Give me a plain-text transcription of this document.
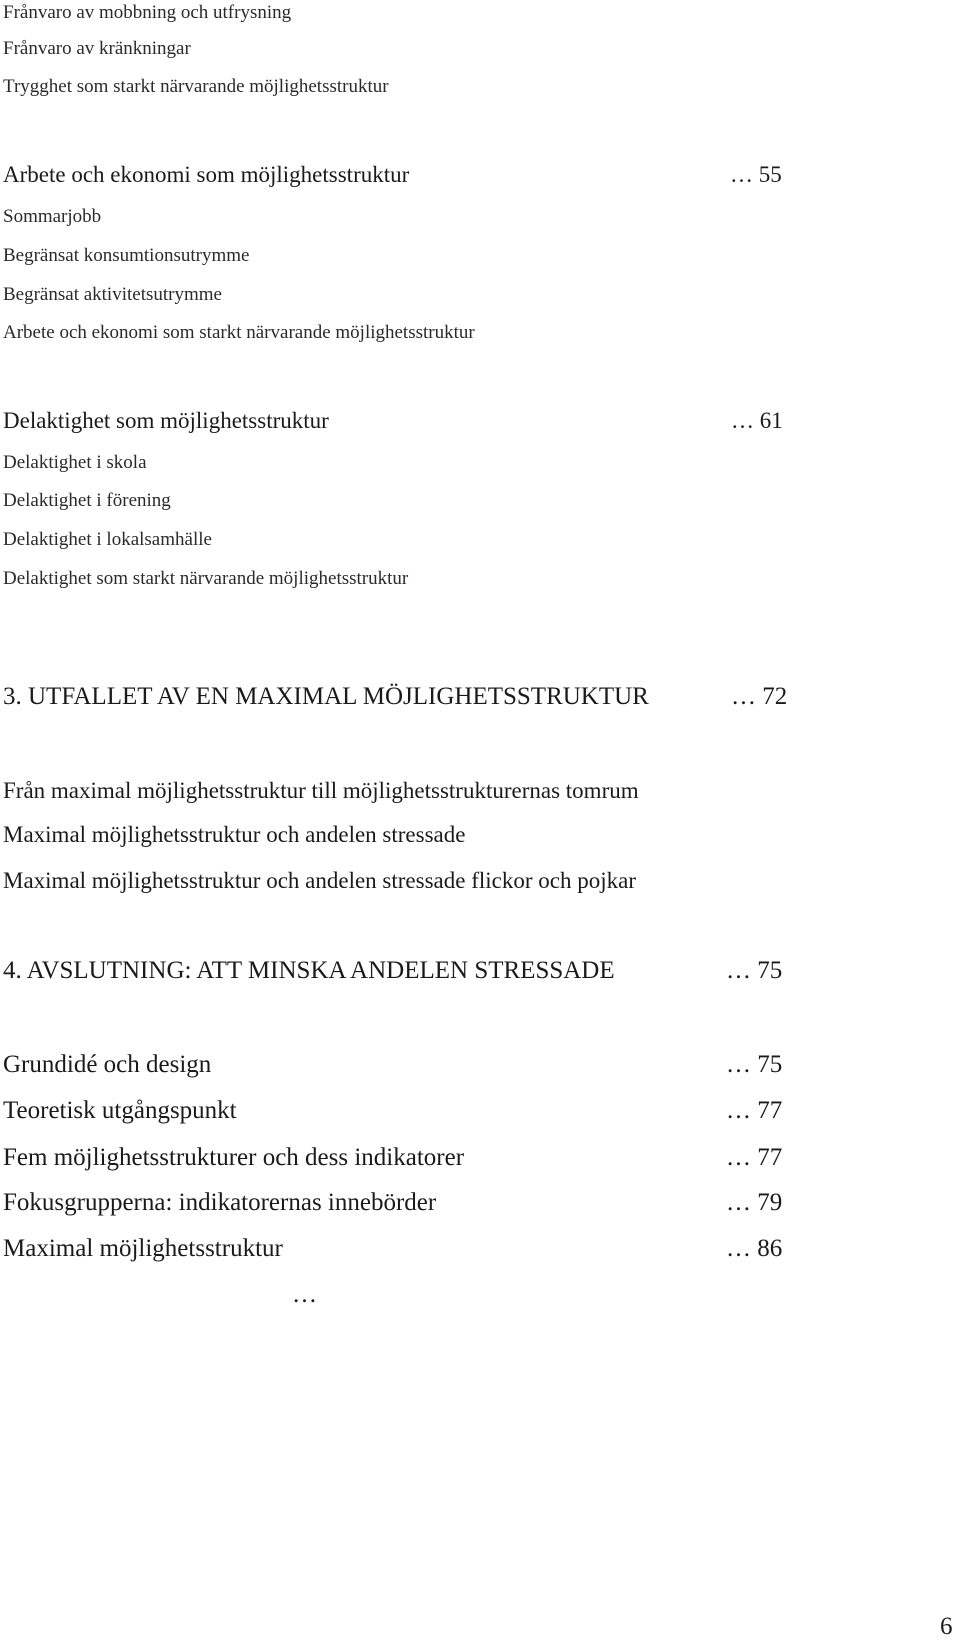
Frånvaro av mobbning och utfrysning
Frånvaro av kränkningar
Trygghet som starkt närvarande möjlighetsstruktur
Arbete och ekonomi som möjlighetsstruktur	… 55
Sommarjobb
Begränsat konsumtionsutrymme
Begränsat aktivitetsutrymme
Arbete och ekonomi som starkt närvarande möjlighetsstruktur
Delaktighet som möjlighetsstruktur	… 61
Delaktighet i skola
Delaktighet i förening
Delaktighet i lokalsamhälle
Delaktighet som starkt närvarande möjlighetsstruktur
3. UTFALLET AV EN MAXIMAL MÖJLIGHETSSTRUKTUR	… 72
Från maximal möjlighetsstruktur till möjlighetsstrukturernas tomrum
Maximal möjlighetsstruktur och andelen stressade
Maximal möjlighetsstruktur och andelen stressade flickor och pojkar
4. AVSLUTNING: ATT MINSKA ANDELEN STRESSADE	… 75
Grundidé och design	… 75
Teoretisk utgångspunkt	… 77
Fem möjlighetsstrukturer och dess indikatorer	… 77
Fokusgrupperna: indikatorernas innebörder	… 79
Maximal möjlighetsstruktur	… 86
…
6
